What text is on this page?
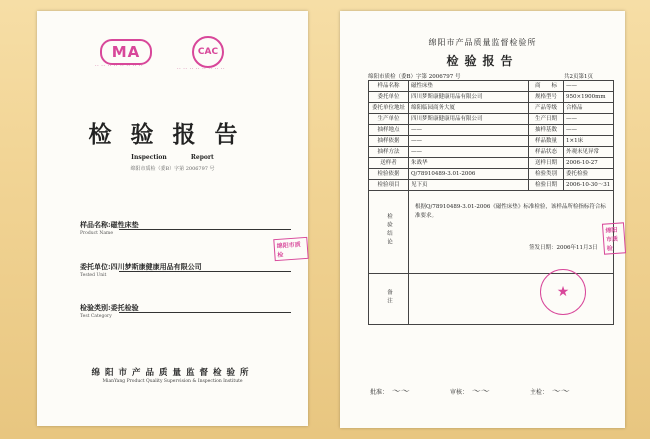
MA
·· ·· ·· ·· ·· ·· ·· ··
CAC
·· ·· ·· ·· ·· ·· ·· ··
检验报告
Inspection	Report
绵阳市质检（委B）字第 2006797 号
样品名称:磁性床垫
Product Name
委托单位:四川梦斯康健康用品有限公司
Tested Unit
检验类别:委托检验
Test Category
绵阳市质检
绵阳市产品质量监督检验所
MianYang Product Quality Supervision & Inspection Institute
绵阳市产品质量监督检验所
检验报告
绵阳市质检（委B）字第 2006797 号	共2页第1页
样品名称	磁性床垫	商　　标	——
委托单位	四川梦斯康健康用品有限公司	规格型号	950×1900mm
委托单位地址	绵阳临园商务大厦	产品等级	合格品
生产单位	四川梦斯康健康用品有限公司	生产日期	——
抽样地点	——	抽样基数	——
抽样依据	——	样品数量	1×1床
抽样方法	——	样品状态	外观未见异常
送样者	朱战华	送样日期	2006-10-27
检验依据	Q/78910489-3.01-2006	检验类别	委托检验
检验项目	见下页	检验日期	2006-10-30～31
检验结论	根据Q/78910489-3.01-2006《磁性床垫》标准检验，该样品所检指标符合标准要求。
签发日期：2006年11月3日		

备注				★
绵阳市质检
批准： ～～	审核： ～～	主检： ～～
